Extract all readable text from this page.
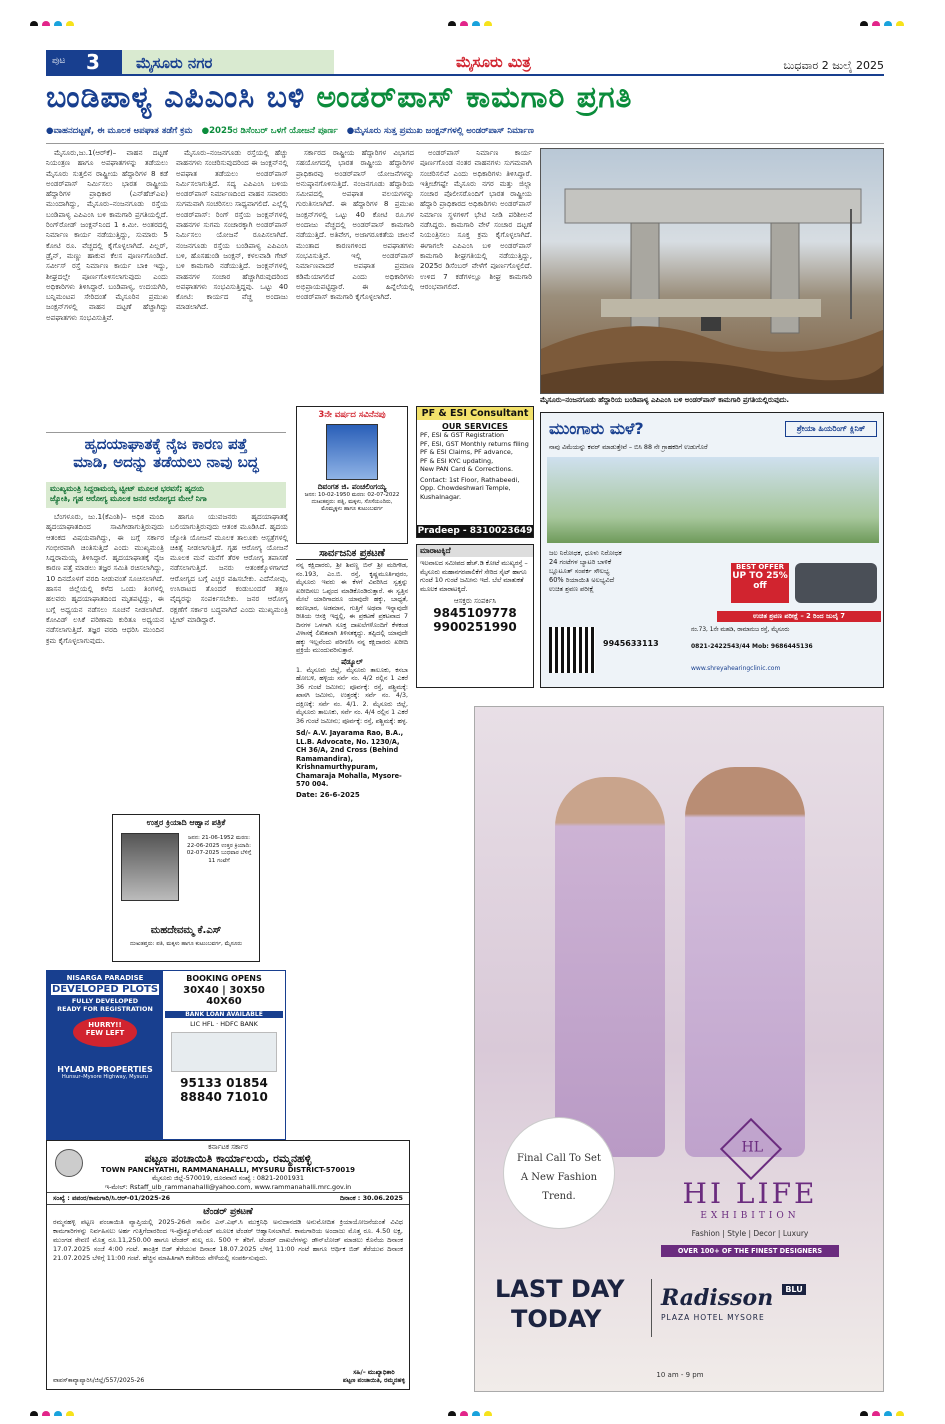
ಪುಟ 3 ಮೈಸೂರು ನಗರ	ಮೈಸೂರು ಮಿತ್ರ	ಬುಧವಾರ 2 ಜುಲೈ 2025
ಬಂಡಿಪಾಳ್ಯ ಎಪಿಎಂಸಿ ಬಳಿ ಅಂಡರ್‌ಪಾಸ್ ಕಾಮಗಾರಿ ಪ್ರಗತಿ
●ವಾಹನದಟ್ಟಣೆ, ಈ ಮೂಲಕ ಅಪಘಾತ ತಡೆಗೆ ಕ್ರಮ ●2025ರ ಡಿಸೆಂಬರ್ ಒಳಗೆ ಯೋಜನೆ ಪೂರ್ಣ ●ಮೈಸೂರು ಸುತ್ತ ಪ್ರಮುಖ ಜಂಕ್ಷನ್‌ಗಳಲ್ಲಿ ಅಂಡರ್‌ಪಾಸ್ ನಿರ್ಮಾಣ

ಮೈಸೂರು,ಜು.1(ಆರ್‌ಕೆ)– ವಾಹನ ದಟ್ಟಣೆ ನಿಯಂತ್ರಣ ಹಾಗೂ ಅಪಘಾತಗಳನ್ನು ತಡೆಯಲು ಮೈಸೂರು ಸುತ್ತಲಿನ ರಾಷ್ಟ್ರೀಯ ಹೆದ್ದಾರಿಗಳ 8 ಕಡೆ ಅಂಡರ್‌ಪಾಸ್ ನಿರ್ಮಿಸಲು ಭಾರತ ರಾಷ್ಟ್ರೀಯ ಹೆದ್ದಾರಿಗಳ ಪ್ರಾಧಿಕಾರ (ಎನ್‌ಹೆಚ್‌ಎಐ) ಮುಂದಾಗಿದ್ದು, ಮೈಸೂರು–ನಂಜನಗೂಡು ರಸ್ತೆಯ ಬಂಡಿಪಾಳ್ಯ ಎಪಿಎಂಸಿ ಬಳಿ ಕಾಮಗಾರಿ ಪ್ರಗತಿಯಲ್ಲಿದೆ. ರಿಂಗ್‌ರೋಡ್ ಜಂಕ್ಷನ್‌ನಿಂದ 1 ಕಿ.ಮೀ. ಅಂತರದಲ್ಲಿ ನಿರ್ಮಾಣ ಕಾರ್ಯ ನಡೆಯುತ್ತಿದ್ದು, ಸುಮಾರು 5 ಕೋಟಿ ರೂ. ವೆಚ್ಚದಲ್ಲಿ ಕೈಗೊಳ್ಳಲಾಗಿದೆ. ಪಿಲ್ಲರ್, ಡ್ರೈನ್, ಮಣ್ಣು ಹಾಕುವ ಕೆಲಸ ಪೂರ್ಣಗೊಂಡಿದೆ. ಸರ್ವೀಸ್ ರಸ್ತೆ ನಿರ್ಮಾಣ ಕಾರ್ಯ ಬಾಕಿ ಇದ್ದು, ಶೀಘ್ರದಲ್ಲೇ ಪೂರ್ಣಗೊಳಿಸಲಾಗುವುದು ಎಂದು ಅಧಿಕಾರಿಗಳು ತಿಳಿಸಿದ್ದಾರೆ. ಬಂಡಿಪಾಳ್ಯ, ಉದಯಗಿರಿ, ಬನ್ನಿಮಂಟಪ ಸೇರಿದಂತೆ ಮೈಸೂರಿನ ಪ್ರಮುಖ ಜಂಕ್ಷನ್‌ಗಳಲ್ಲಿ ವಾಹನ ದಟ್ಟಣೆ ಹೆಚ್ಚಾಗಿದ್ದು ಅಪಘಾತಗಳು ಸಂಭವಿಸುತ್ತಿವೆ.

ಮೈಸೂರು–ನಂಜನಗೂಡು ರಸ್ತೆಯಲ್ಲಿ ಹೆಚ್ಚು ವಾಹನಗಳು ಸಂಚರಿಸುವುದರಿಂದ ಈ ಜಂಕ್ಷನ್‌ನಲ್ಲಿ ಅಪಘಾತ ತಡೆಯಲು ಅಂಡರ್‌ಪಾಸ್ ನಿರ್ಮಿಸಲಾಗುತ್ತಿದೆ. ಸದ್ಯ ಎಪಿಎಂಸಿ ಬಳಿಯ ಅಂಡರ್‌ಪಾಸ್ ನಿರ್ಮಾಣದಿಂದ ವಾಹನ ಸವಾರರು ಸುಗಮವಾಗಿ ಸಂಚರಿಸಲು ಸಾಧ್ಯವಾಗಲಿದೆ. ಎಲ್ಲೆಲ್ಲಿ ಅಂಡರ್‌ಪಾಸ್: ರಿಂಗ್ ರಸ್ತೆಯ ಜಂಕ್ಷನ್‌ಗಳಲ್ಲಿ ವಾಹನಗಳ ಸುಗಮ ಸಂಚಾರಕ್ಕಾಗಿ ಅಂಡರ್‌ಪಾಸ್ ನಿರ್ಮಿಸಲು ಯೋಜನೆ ರೂಪಿಸಲಾಗಿದೆ. ನಂಜನಗೂಡು ರಸ್ತೆಯ ಬಂಡಿಪಾಳ್ಯ ಎಪಿಎಂಸಿ ಬಳಿ, ಹೊಸಹುಂಡಿ ಜಂಕ್ಷನ್, ಕಳಲವಾಡಿ ಗೇಟ್ ಬಳಿ ಕಾಮಗಾರಿ ನಡೆಯುತ್ತಿದೆ. ಜಂಕ್ಷನ್‌ಗಳಲ್ಲಿ ವಾಹನಗಳ ಸಂಚಾರ ಹೆಚ್ಚಾಗಿರುವುದರಿಂದ ಅಪಘಾತಗಳು ಸಂಭವಿಸುತ್ತಿದ್ದವು. ಒಟ್ಟು 40 ಕೋಟಿ: ಕಾರ್ಯದ ವೆಚ್ಚ ಅಂದಾಜು ಮಾಡಲಾಗಿದೆ.

ಸರ್ಕಾರದ ರಾಷ್ಟ್ರೀಯ ಹೆದ್ದಾರಿಗಳ ವಿಭಾಗದ ಸಹಯೋಗದಲ್ಲಿ ಭಾರತ ರಾಷ್ಟ್ರೀಯ ಹೆದ್ದಾರಿಗಳ ಪ್ರಾಧಿಕಾರವು ಅಂಡರ್‌ಪಾಸ್ ಯೋಜನೆಗಳನ್ನು ಅನುಷ್ಠಾನಗೊಳಿಸುತ್ತಿದೆ. ನಂಜನಗೂಡು ಹೆದ್ದಾರಿಯ ಸಮೀಪದಲ್ಲಿ ಅಪಘಾತ ವಲಯಗಳನ್ನು ಗುರುತಿಸಲಾಗಿದೆ. ಈ ಹೆದ್ದಾರಿಗಳ 8 ಪ್ರಮುಖ ಜಂಕ್ಷನ್‌ಗಳಲ್ಲಿ ಒಟ್ಟು 40 ಕೋಟಿ ರೂ.ಗಳ ಅಂದಾಜು ವೆಚ್ಚದಲ್ಲಿ ಅಂಡರ್‌ಪಾಸ್ ಕಾಮಗಾರಿ ನಡೆಯುತ್ತಿದೆ. ಅತಿವೇಗ, ಅಜಾಗರೂಕತೆಯ ಚಾಲನೆ ಮುಂತಾದ ಕಾರಣಗಳಿಂದ ಅಪಘಾತಗಳು ಸಂಭವಿಸುತ್ತಿವೆ. ಇಲ್ಲಿ ಅಂಡರ್‌ಪಾಸ್ ನಿರ್ಮಾಣವಾದರೆ ಅಪಘಾತ ಪ್ರಮಾಣ ಕಡಿಮೆಯಾಗಲಿದೆ ಎಂದು ಅಧಿಕಾರಿಗಳು ಅಭಿಪ್ರಾಯಪಟ್ಟಿದ್ದಾರೆ. ಈ ಹಿನ್ನೆಲೆಯಲ್ಲಿ ಅಂಡರ್‌ಪಾಸ್ ಕಾಮಗಾರಿ ಕೈಗೊಳ್ಳಲಾಗಿದೆ.

ಅಂಡರ್‌ಪಾಸ್ ನಿರ್ಮಾಣ ಕಾರ್ಯ ಪೂರ್ಣಗೊಂಡ ನಂತರ ವಾಹನಗಳು ಸುಗಮವಾಗಿ ಸಂಚರಿಸಲಿವೆ ಎಂದು ಅಧಿಕಾರಿಗಳು ತಿಳಿಸಿದ್ದಾರೆ. ಇತ್ತೀಚೆಗಷ್ಟೇ ಮೈಸೂರು ನಗರ ಮತ್ತು ಜಿಲ್ಲಾ ಸಂಚಾರ ಪೊಲೀಸರೊಂದಿಗೆ ಭಾರತ ರಾಷ್ಟ್ರೀಯ ಹೆದ್ದಾರಿ ಪ್ರಾಧಿಕಾರದ ಅಧಿಕಾರಿಗಳು ಅಂಡರ್‌ಪಾಸ್ ನಿರ್ಮಾಣ ಸ್ಥಳಗಳಿಗೆ ಭೇಟಿ ನೀಡಿ ಪರಿಶೀಲನೆ ನಡೆಸಿದ್ದರು. ಕಾಮಗಾರಿ ವೇಳೆ ಸಂಚಾರ ದಟ್ಟಣೆ ನಿಯಂತ್ರಿಸಲು ಸೂಕ್ತ ಕ್ರಮ ಕೈಗೊಳ್ಳಲಾಗಿದೆ. ಈಗಾಗಲೇ ಎಪಿಎಂಸಿ ಬಳಿ ಅಂಡರ್‌ಪಾಸ್ ಕಾಮಗಾರಿ ಶೀಘ್ರಗತಿಯಲ್ಲಿ ನಡೆಯುತ್ತಿದ್ದು, 2025ರ ಡಿಸೆಂಬರ್ ವೇಳೆಗೆ ಪೂರ್ಣಗೊಳ್ಳಲಿದೆ. ಉಳಿದ 7 ಕಡೆಗಳಲ್ಲೂ ಶೀಘ್ರ ಕಾಮಗಾರಿ ಆರಂಭವಾಗಲಿದೆ.

ಮೈಸೂರು–ನಂಜನಗೂಡು ಹೆದ್ದಾರಿಯ ಬಂಡಿಪಾಳ್ಯ ಎಪಿಎಂಸಿ ಬಳಿ ಅಂಡರ್‌ಪಾಸ್ ಕಾಮಗಾರಿ ಪ್ರಗತಿಯಲ್ಲಿರುವುದು.
ಹೃದಯಾಘಾತಕ್ಕೆ ನೈಜ ಕಾರಣ ಪತ್ತೆ
ಮಾಡಿ, ಅದನ್ನು ತಡೆಯಲು ನಾವು ಬದ್ಧ
ಮುಖ್ಯಮಂತ್ರಿ ಸಿದ್ದರಾಮಯ್ಯ ಟ್ವೀಟ್ ಮೂಲಕ ಭರವಸೆ; ಹೃದಯ
ಜ್ಯೋತಿ, ಗೃಹ ಆರೋಗ್ಯ ಮೂಲಕ ಜನರ ಆರೋಗ್ಯದ ಮೇಲೆ ನಿಗಾ

ಬೆಂಗಳೂರು, ಜು.1(ಕೆಎಂಶಿ)– ಅಧಿಕ ಮಂದಿ ಹೃದಯಾಘಾತದಿಂದ ಸಾವಿಗೀಡಾಗುತ್ತಿರುವುದು ಆತಂಕದ ವಿಷಯವಾಗಿದ್ದು, ಈ ಬಗ್ಗೆ ಸರ್ಕಾರ ಗಂಭೀರವಾಗಿ ಚಿಂತಿಸುತ್ತಿದೆ ಎಂದು ಮುಖ್ಯಮಂತ್ರಿ ಸಿದ್ದರಾಮಯ್ಯ ತಿಳಿಸಿದ್ದಾರೆ. ಹೃದಯಾಘಾತಕ್ಕೆ ನೈಜ ಕಾರಣ ಪತ್ತೆ ಮಾಡಲು ತಜ್ಞರ ಸಮಿತಿ ರಚಿಸಲಾಗಿದ್ದು, 10 ದಿನದೊಳಗೆ ವರದಿ ನೀಡುವಂತೆ ಸೂಚಿಸಲಾಗಿದೆ. ಹಾಸನ ಜಿಲ್ಲೆಯಲ್ಲಿ ಕಳೆದ ಒಂದು ತಿಂಗಳಲ್ಲಿ ಹಲವರು ಹೃದಯಾಘಾತದಿಂದ ಮೃತಪಟ್ಟಿದ್ದು, ಈ ಬಗ್ಗೆ ಅಧ್ಯಯನ ನಡೆಸಲು ಸೂಚನೆ ನೀಡಲಾಗಿದೆ. ಕೋವಿಡ್ ಲಸಿಕೆ ಪರಿಣಾಮ ಕುರಿತೂ ಅಧ್ಯಯನ ನಡೆಸಲಾಗುತ್ತಿದೆ. ತಜ್ಞರ ವರದಿ ಆಧರಿಸಿ ಮುಂದಿನ ಕ್ರಮ ಕೈಗೊಳ್ಳಲಾಗುವುದು.

ಹಾಗೂ ಯುವಜನರು ಹೃದಯಾಘಾತಕ್ಕೆ ಬಲಿಯಾಗುತ್ತಿರುವುದು ಆತಂಕ ಮೂಡಿಸಿದೆ. ಹೃದಯ ಜ್ಯೋತಿ ಯೋಜನೆ ಮೂಲಕ ತಾಲೂಕು ಆಸ್ಪತ್ರೆಗಳಲ್ಲಿ ಚಿಕಿತ್ಸೆ ನೀಡಲಾಗುತ್ತಿದೆ. ಗೃಹ ಆರೋಗ್ಯ ಯೋಜನೆ ಮೂಲಕ ಮನೆ ಮನೆಗೆ ತೆರಳಿ ಆರೋಗ್ಯ ತಪಾಸಣೆ ನಡೆಸಲಾಗುತ್ತಿದೆ. ಜನರು ಆತಂಕಕ್ಕೊಳಗಾಗದೆ ಆರೋಗ್ಯದ ಬಗ್ಗೆ ಎಚ್ಚರ ವಹಿಸಬೇಕು. ಎದೆನೋವು, ಉಸಿರಾಟದ ತೊಂದರೆ ಕಂಡುಬಂದರೆ ತಕ್ಷಣ ವೈದ್ಯರನ್ನು ಸಂಪರ್ಕಿಸಬೇಕು. ಜನರ ಆರೋಗ್ಯ ರಕ್ಷಣೆಗೆ ಸರ್ಕಾರ ಬದ್ಧವಾಗಿದೆ ಎಂದು ಮುಖ್ಯಮಂತ್ರಿ ಟ್ವೀಟ್ ಮಾಡಿದ್ದಾರೆ.

3ನೇ ವರ್ಷದ ಸವಿನೆನಪು
ದಿವಂಗತ ಜಿ. ಪಂಚಲಿಂಗಯ್ಯ
ಜನನ: 10-02-1950 ಮರಣ: 02-07-2022
ದುಃಖತಪ್ತರು: ಪತ್ನಿ, ಮಕ್ಕಳು, ಸೊಸೆಯಂದಿರು,
ಮೊಮ್ಮಕ್ಕಳು ಹಾಗೂ ಕುಟುಂಬವರ್ಗ
PF & ESI Consultant
OUR SERVICES
PF, ESI & GST Registration
PF, ESI, GST Monthly returns filing
PF & ESI Claims, PF advance,
PF & ESI KYC updating,
New PAN Card & Corrections.
Contact: 1st Floor, Rathabeedi, Opp. Chowdeshwari Temple, Kushalnagar.
Pradeep - 8310023649
ಮುಂಗಾರು ಮಳೆ?
ನಾವು ವಿಮೆಯನ್ನು ಕವರ್ ಮಾಡುತ್ತೇವೆ – ಬಿಸಿ 88 ನೇ ಗ್ರಾಹಕರಿಗೆ ಉಡುಗೊರೆ
ಶ್ರೇಯಾ ಹಿಯರಿಂಗ್ ಕ್ಲಿನಿಕ್
ಜಲ ನಿರೋಧಕ, ಧೂಳು ನಿರೋಧಕ
24 ಗಂಟೆಗಳ ಬ್ಯಾಟರಿ ಬಾಳಿಕೆ
ಬ್ಲೂಟೂತ್ ಸಂಪರ್ಕ ಸೌಲಭ್ಯ
60% ರಿಯಾಯಿತಿ ಅಲಭ್ಯವಿದೆ
ಉಚಿತ ಶ್ರವಣ ಪರೀಕ್ಷೆ
BEST OFFER
UP TO 25% off
ಉಚಿತ ಶ್ರವಣ ಪರೀಕ್ಷೆ – 2 ರಿಂದ ಜುಲೈ 7
ನಂ.73, 1ನೇ ಮಹಡಿ, ರಾಮಾನುಜ ರಸ್ತೆ, ಮೈಸೂರು
0821-2422543/44 Mob: 9686445136
9945633113
www.shreyahearingclinic.com
ಮಾರಾಟಕ್ಕಿದೆ
ಇಲವಾಲದ ಸಮೀಪದ ಹೆಚ್.ಡಿ ಕೋಟೆ ಮುಖ್ಯರಸ್ತೆ – ಮೈಸೂರು ಮಹಾನಗರಪಾಲಿಕೆಗೆ ಸೇರಿದ ಸೈಟ್ ಹಾಗೂ ಗುಂಟೆ 10 ಗುಂಟೆ ಜಮೀನು ಇದೆ. ಬೆಲೆ ಮಾತುಕತೆ ಮೂಲಕ ಮಾರಾಟಕ್ಕಿದೆ.
ಆಸಕ್ತರು ಸಂಪರ್ಕಿಸಿ
9845109778
9900251990
ಸಾರ್ವಜನಿಕ ಪ್ರಕಟಣೆ
ನನ್ನ ಕಕ್ಷಿದಾರರು, ಶ್ರೀ ಶಿವಣ್ಣ ಬಿನ್ ಶ್ರೀ ಮರಿಗೌಡ, ನಂ.193, ಎಂ.ಬಿ. ರಸ್ತೆ, ಕೃಷ್ಣಮೂರ್ತಿಪುರಂ, ಮೈಸೂರು ಇವರು ಈ ಕೆಳಗೆ ವಿವರಿಸಿದ ಸ್ವತ್ತನ್ನು ಖರೀದಿಸಲು ಒಪ್ಪಂದ ಮಾಡಿಕೊಂಡಿರುತ್ತಾರೆ. ಈ ಸ್ವತ್ತಿನ ಮೇಲೆ ಯಾರಿಗಾದರೂ ಯಾವುದೇ ಹಕ್ಕು, ಬಾಧ್ಯತೆ, ಋಣಭಾರ, ಅಡಮಾನ, ಗುತ್ತಿಗೆ ಅಥವಾ ಇನ್ನಾವುದೇ ರೀತಿಯ ಆಸಕ್ತಿ ಇದ್ದಲ್ಲಿ, ಈ ಪ್ರಕಟಣೆ ಪ್ರಕಟವಾದ 7 ದಿನಗಳ ಒಳಗಾಗಿ ಸೂಕ್ತ ದಾಖಲೆಗಳೊಂದಿಗೆ ಕೆಳಕಂಡ ವಿಳಾಸಕ್ಕೆ ಲಿಖಿತವಾಗಿ ತಿಳಿಸತಕ್ಕದ್ದು. ತಪ್ಪಿದಲ್ಲಿ ಯಾವುದೇ ಹಕ್ಕು ಇಲ್ಲವೆಂದು ಪರಿಗಣಿಸಿ ನನ್ನ ಕಕ್ಷಿದಾರರು ಖರೀದಿ ಪ್ರಕ್ರಿಯೆ ಮುಂದುವರಿಸುತ್ತಾರೆ.
ಷೆಡ್ಯೂಲ್
1. ಮೈಸೂರು ಜಿಲ್ಲೆ, ಮೈಸೂರು ತಾಲೂಕು, ಕಸಬಾ ಹೋಬಳಿ, ಹಳ್ಳಿಯ ಸರ್ವೆ ನಂ. 4/2 ರಲ್ಲಿನ 1 ಎಕರೆ 36 ಗುಂಟೆ ಜಮೀನು; ಪೂರ್ವಕ್ಕೆ: ರಸ್ತೆ, ಪಶ್ಚಿಮಕ್ಕೆ: ಖಾಸಗಿ ಜಮೀನು, ಉತ್ತರಕ್ಕೆ: ಸರ್ವೆ ನಂ. 4/3, ದಕ್ಷಿಣಕ್ಕೆ: ಸರ್ವೆ ನಂ. 4/1. 2. ಮೈಸೂರು ಜಿಲ್ಲೆ, ಮೈಸೂರು ತಾಲೂಕು, ಸರ್ವೆ ನಂ. 4/4 ರಲ್ಲಿನ 1 ಎಕರೆ 36 ಗುಂಟೆ ಜಮೀನು; ಪೂರ್ವಕ್ಕೆ: ರಸ್ತೆ, ಪಶ್ಚಿಮಕ್ಕೆ: ಹಳ್ಳ.
Sd/- A.V. Jayarama Rao, B.A., LL.B. Advocate, No. 1230/A, CH 36/A, 2nd Cross (Behind Ramamandira), Krishnamurthypuram, Chamaraja Mohalla, Mysore-570 004.
Date: 26-6-2025
ಉತ್ತರ ಕ್ರಿಯಾದಿ ಆಹ್ವಾನ ಪತ್ರಿಕೆ
ಜನನ: 21-06-1952 ಮರಣ: 22-06-2025 ಉತ್ತರ ಕ್ರಿಯಾದಿ: 02-07-2025 ಬುಧವಾರ ಬೆಳಿಗ್ಗೆ 11 ಗಂಟೆಗೆ
ಮಹದೇವಮ್ಮ ಕೆ.ಎಸ್
ದುಃಖತಪ್ತರು: ಪತಿ, ಮಕ್ಕಳು ಹಾಗೂ ಕುಟುಂಬವರ್ಗ, ಮೈಸೂರು
NISARGA PARADISE
DEVELOPED PLOTS
FULLY DEVELOPED
READY FOR REGISTRATION
HURRY!!
FEW LEFT
HYLAND PROPERTIES
Hunsur–Mysore Highway, Mysuru
BOOKING OPENS
30X40 | 30X50
40X60
BANK LOAN AVAILABLE
LIC HFL · HDFC BANK
95133 01854
88840 71010
ಕರ್ನಾಟಕ ಸರ್ಕಾರ
ಪಟ್ಟಣ ಪಂಚಾಯಿತಿ ಕಾರ್ಯಾಲಯ, ರಮ್ಮನಹಳ್ಳಿ
TOWN PANCHYATHI, RAMMANAHALLI, MYSURU DISTRICT-570019
ಮೈಸೂರು ಜಿಲ್ಲೆ-570019, ದೂರವಾಣಿ ಸಂಖ್ಯೆ : 0821-2001931
ಇ-ಮೇಲ್: Rstaff_ulb_rammanahalli@yahoo.com, www.rammanahalli.mrc.gov.in
ಸಂಖ್ಯೆ : ಪಪಂರ/ಕಾಮಗಾರಿ/ಸಿ.ಆರ್-01/2025-26	ದಿನಾಂಕ : 30.06.2025
ಟೆಂಡರ್ ಪ್ರಕಟಣೆ
ರಮ್ಮನಹಳ್ಳಿ ಪಟ್ಟಣ ಪಂಚಾಯಿತಿ ವ್ಯಾಪ್ತಿಯಲ್ಲಿ 2025-26ನೇ ಸಾಲಿನ ಎಸ್.ಎಫ್.ಸಿ ಮುಕ್ತನಿಧಿ ಅನುದಾನದಡಿ ಅನುಮೋದಿತ ಕ್ರಿಯಾಯೋಜನೆಯಂತೆ ವಿವಿಧ ಕಾಮಗಾರಿಗಳನ್ನು ನಿರ್ವಹಿಸಲು ಅರ್ಹ ಗುತ್ತಿಗೆದಾರರಿಂದ ಇ-ಪ್ರೊಕ್ಯೂರ್‌ಮೆಂಟ್ ಮೂಲಕ ಟೆಂಡರ್ ಆಹ್ವಾನಿಸಲಾಗಿದೆ. ಕಾಮಗಾರಿಯ ಅಂದಾಜು ಮೊತ್ತ ರೂ. 4.50 ಲಕ್ಷ, ಮುಂಗಡ ಠೇವಣಿ ಮೊತ್ತ ರೂ.11,250.00 ಹಾಗೂ ಟೆಂಡರ್ ಶುಲ್ಕ ರೂ. 500 + ತೆರಿಗೆ. ಟೆಂಡರ್ ದಾಖಲೆಗಳನ್ನು ಡೌನ್‌ಲೋಡ್ ಮಾಡಲು ಕೊನೆಯ ದಿನಾಂಕ 17.07.2025 ಸಂಜೆ 4:00 ಗಂಟೆ. ತಾಂತ್ರಿಕ ಬಿಡ್ ತೆರೆಯುವ ದಿನಾಂಕ 18.07.2025 ಬೆಳಿಗ್ಗೆ 11:00 ಗಂಟೆ ಹಾಗೂ ಆರ್ಥಿಕ ಬಿಡ್ ತೆರೆಯುವ ದಿನಾಂಕ 21.07.2025 ಬೆಳಿಗ್ಗೆ 11:00 ಗಂಟೆ. ಹೆಚ್ಚಿನ ಮಾಹಿತಿಗಾಗಿ ಕಚೇರಿಯ ವೇಳೆಯಲ್ಲಿ ಸಂಪರ್ಕಿಸುವುದು.
ವಾಪಸ್‌ಕಾವ್ಯಾಪ್ಯಾರಿಸಿ/ಜಿಲ್ಲೆ/557/2025-26
ಸಹಿ/– ಮುಖ್ಯಾಧಿಕಾರಿ
ಪಟ್ಟಣ ಪಂಚಾಯಿತಿ, ರಮ್ಮನಹಳ್ಳಿ
Final Call To Set A New Fashion Trend.
HL
HI LIFE
EXHIBITION
Fashion | Style | Decor | Luxury
OVER 100+ OF THE FINEST DESIGNERS
LAST DAY
TODAY
Radisson $^{BLU}$
PLAZA HOTEL MYSORE
10 am - 9 pm
